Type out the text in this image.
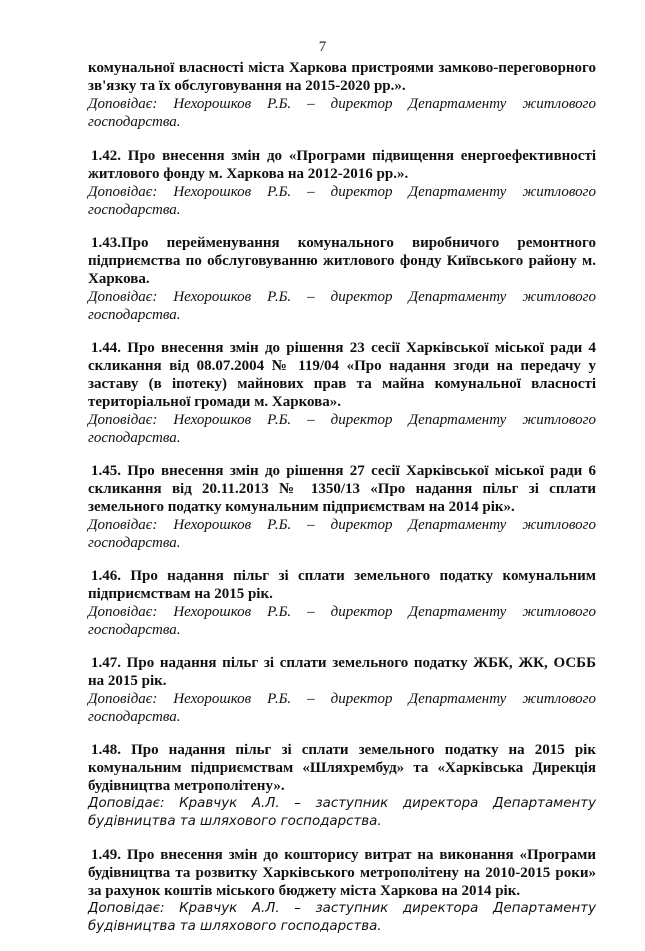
7
комунальної власності міста Харкова пристроями замково-переговорного зв'язку та їх обслуговування на 2015-2020 рр.».
Доповідає: Нехорошков Р.Б. – директор Департаменту житлового господарства.
1.42. Про внесення змін до «Програми підвищення енергоефективності житлового фонду м. Харкова на 2012-2016 рр.».
Доповідає: Нехорошков Р.Б. – директор Департаменту житлового господарства.
1.43.Про перейменування комунального виробничого ремонтного підприємства по обслуговуванню житлового фонду Київського району м. Харкова.
Доповідає: Нехорошков Р.Б. – директор Департаменту житлового господарства.
1.44. Про внесення змін до рішення 23 сесії Харківської міської ради 4 скликання від 08.07.2004 № 119/04 «Про надання згоди на передачу у заставу (в іпотеку) майнових прав та майна комунальної власності територіальної громади м. Харкова».
Доповідає: Нехорошков Р.Б. – директор Департаменту житлового господарства.
1.45. Про внесення змін до рішення 27 сесії Харківської міської ради 6 скликання від 20.11.2013 № 1350/13 «Про надання пільг зі сплати земельного податку комунальним підприємствам на 2014 рік».
Доповідає: Нехорошков Р.Б. – директор Департаменту житлового господарства.
1.46. Про надання пільг зі сплати земельного податку комунальним підприємствам на 2015 рік.
Доповідає: Нехорошков Р.Б. – директор Департаменту житлового господарства.
1.47. Про надання пільг зі сплати земельного податку ЖБК, ЖК, ОСББ на 2015 рік.
Доповідає: Нехорошков Р.Б. – директор Департаменту житлового господарства.
1.48. Про надання пільг зі сплати земельного податку на 2015 рік комунальним підприємствам «Шляхрембуд» та «Харківська Дирекція будівництва метрополітену».
Доповідає: Кравчук А.Л. – заступник директора Департаменту будівництва та шляхового господарства.
1.49. Про внесення змін до кошторису витрат на виконання «Програми будівництва та розвитку Харківського метрополітену на 2010-2015 роки» за рахунок коштів міського бюджету міста Харкова на 2014 рік.
Доповідає: Кравчук А.Л. – заступник директора Департаменту будівництва та шляхового господарства.
